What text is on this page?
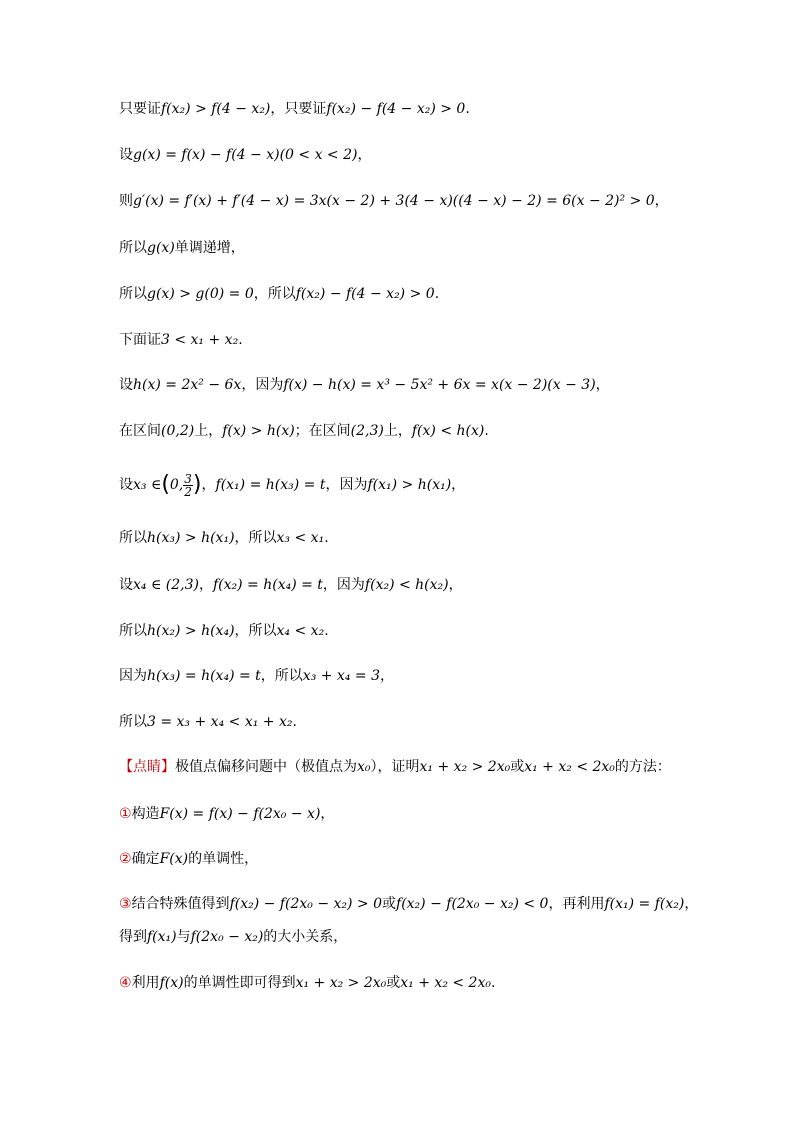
只要证f(x₂) > f(4 − x₂)，只要证f(x₂) − f(4 − x₂) > 0.
设g(x) = f(x) − f(4 − x)(0 < x < 2)，
则g′(x) = f′(x) + f′(4 − x) = 3x(x − 2) + 3(4 − x)((4 − x) − 2) = 6(x − 2)² > 0，
所以g(x)单调递增，
所以g(x) > g(0) = 0，所以f(x₂) − f(4 − x₂) > 0.
下面证3 < x₁ + x₂.
设h(x) = 2x² − 6x，因为f(x) − h(x) = x³ − 5x² + 6x = x(x − 2)(x − 3)，
在区间(0,2)上，f(x) > h(x)；在区间(2,3)上，f(x) < h(x).
设x₃ ∈(0, $\frac{3}{2}$ )，f(x₁) = h(x₃) = t，因为f(x₁) > h(x₁)，
所以h(x₃) > h(x₁)，所以x₃ < x₁.
设x₄ ∈ (2,3)，f(x₂) = h(x₄) = t，因为f(x₂) < h(x₂)，
所以h(x₂) > h(x₄)，所以x₄ < x₂.
因为h(x₃) = h(x₄) = t，所以x₃ + x₄ = 3，
所以3 = x₃ + x₄ < x₁ + x₂.
【点睛】极值点偏移问题中（极值点为x₀），证明x₁ + x₂ > 2x₀或x₁ + x₂ < 2x₀的方法：
①构造F(x) = f(x) − f(2x₀ − x)，
②确定F(x)的单调性，
③结合特殊值得到f(x₂) − f(2x₀ − x₂) > 0或f(x₂) − f(2x₀ − x₂) < 0，再利用f(x₁) = f(x₂)，
得到f(x₁)与f(2x₀ − x₂)的大小关系，
④利用f(x)的单调性即可得到x₁ + x₂ > 2x₀或x₁ + x₂ < 2x₀.
